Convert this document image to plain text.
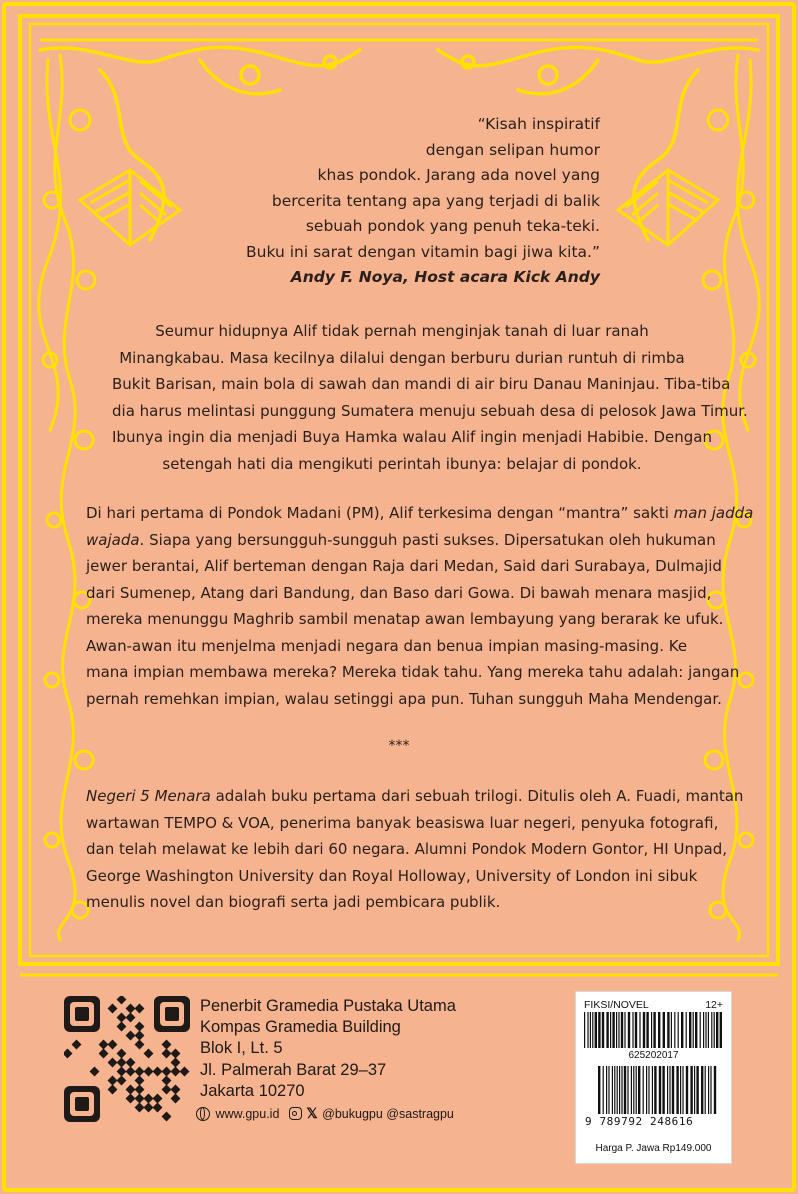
“Kisah inspiratif
dengan selipan humor
khas pondok. Jarang ada novel yang
bercerita tentang apa yang terjadi di balik
sebuah pondok yang penuh teka-teki.
Buku ini sarat dengan vitamin bagi jiwa kita.”
Andy F. Noya, Host acara Kick Andy
Seumur hidupnya Alif tidak pernah menginjak tanah di luar ranah
Minangkabau. Masa kecilnya dilalui dengan berburu durian runtuh di rimba
Bukit Barisan, main bola di sawah dan mandi di air biru Danau Maninjau. Tiba-tiba
dia harus melintasi punggung Sumatera menuju sebuah desa di pelosok Jawa Timur.
Ibunya ingin dia menjadi Buya Hamka walau Alif ingin menjadi Habibie. Dengan
setengah hati dia mengikuti perintah ibunya: belajar di pondok.
Di hari pertama di Pondok Madani (PM), Alif terkesima dengan “mantra” sakti man jadda
wajada. Siapa yang bersungguh-sungguh pasti sukses. Dipersatukan oleh hukuman
jewer berantai, Alif berteman dengan Raja dari Medan, Said dari Surabaya, Dulmajid
dari Sumenep, Atang dari Bandung, dan Baso dari Gowa. Di bawah menara masjid,
mereka menunggu Maghrib sambil menatap awan lembayung yang berarak ke ufuk.
Awan-awan itu menjelma menjadi negara dan benua impian masing-masing. Ke
mana impian membawa mereka? Mereka tidak tahu. Yang mereka tahu adalah: jangan
pernah remehkan impian, walau setinggi apa pun. Tuhan sungguh Maha Mendengar.
***
Negeri 5 Menara adalah buku pertama dari sebuah trilogi. Ditulis oleh A. Fuadi, mantan
wartawan TEMPO & VOA, penerima banyak beasiswa luar negeri, penyuka fotografi,
dan telah melawat ke lebih dari 60 negara. Alumni Pondok Modern Gontor, HI Unpad,
George Washington University dan Royal Holloway, University of London ini sibuk
menulis novel dan biografi serta jadi pembicara publik.
Penerbit Gramedia Pustaka Utama
Kompas Gramedia Building
Blok I, Lt. 5
Jl. Palmerah Barat 29–37
Jakarta 10270
www.gpu.id 𝕏 @bukugpu @sastragpu
FIKSI/NOVEL	12+
625202017
9 789792 248616
Harga P. Jawa Rp149.000
